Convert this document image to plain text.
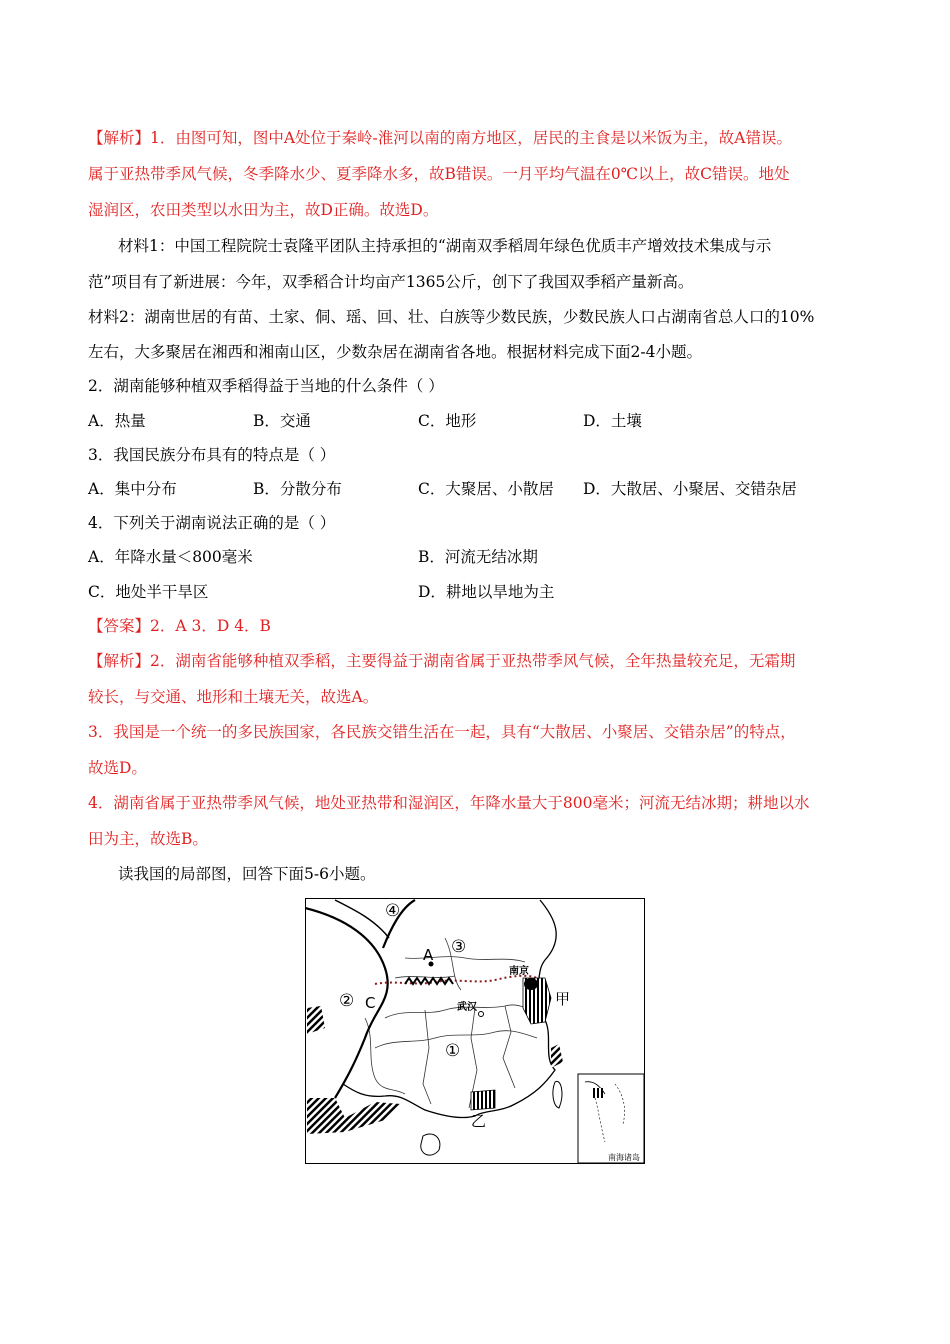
【解析】1．由图可知，图中A处位于秦岭-淮河以南的南方地区，居民的主食是以米饭为主，故A错误。
属于亚热带季风气候，冬季降水少、夏季降水多，故B错误。一月平均气温在0℃以上，故C错误。地处
湿润区，农田类型以水田为主，故D正确。故选D。
材料1：中国工程院院士袁隆平团队主持承担的“湖南双季稻周年绿色优质丰产增效技术集成与示
范”项目有了新进展：今年，双季稻合计均亩产1365公斤，创下了我国双季稻产量新高。
材料2：湖南世居的有苗、土家、侗、瑶、回、壮、白族等少数民族，少数民族人口占湖南省总人口的10%
左右，大多聚居在湘西和湘南山区，少数杂居在湖南省各地。根据材料完成下面2-4小题。
2．湖南能够种植双季稻得益于当地的什么条件（ ）
A．热量	B．交通	C．地形	D．土壤
3．我国民族分布具有的特点是（ ）
A．集中分布	B．分散分布	C．大聚居、小散居 D．大散居、小聚居、交错杂居
4．下列关于湖南说法正确的是（ ）
A．年降水量＜800毫米	B．河流无结冰期
C．地处半干旱区	D．耕地以旱地为主
【答案】2．A 3．D 4．B
【解析】2．湖南省能够种植双季稻，主要得益于湖南省属于亚热带季风气候，全年热量较充足，无霜期
较长，与交通、地形和土壤无关，故选A。
3．我国是一个统一的多民族国家，各民族交错生活在一起，具有“大散居、小聚居、交错杂居”的特点，
故选D。
4．湖南省属于亚热带季风气候，地处亚热带和湿润区，年降水量大于800毫米；河流无结冰期；耕地以水
田为主，故选B。
读我国的局部图，回答下面5-6小题。
④
③
②
①
A
C
南京
武汉	甲
乙
南海诸岛
